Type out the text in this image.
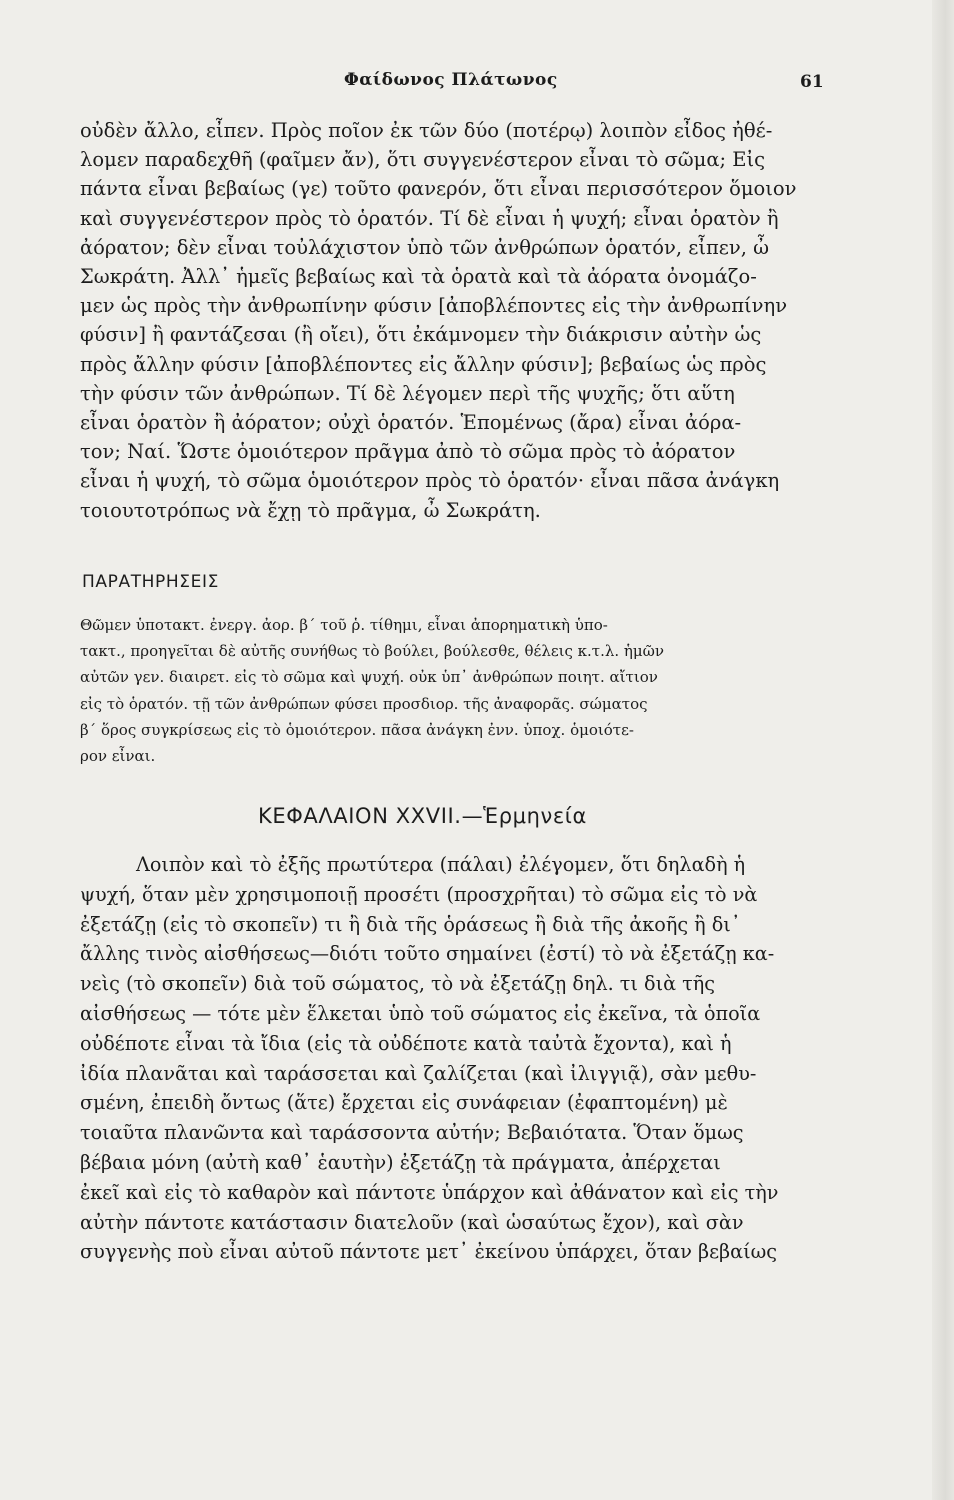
Φαίδωνος Πλάτωνος	61
οὐδὲν ἄλλο, εἶπεν. Πρὸς ποῖον ἐκ τῶν δύο (ποτέρῳ) λοιπὸν εἶδος ἠθέ-
λομεν παραδεχθῆ (φαῖμεν ἄν), ὅτι συγγενέστερον εἶναι τὸ σῶμα; Εἰς
πάντα εἶναι βεβαίως (γε) τοῦτο φανερόν, ὅτι εἶναι περισσότερον ὅμοιον
καὶ συγγενέστερον πρὸς τὸ ὁρατόν. Τί δὲ εἶναι ἡ ψυχή; εἶναι ὁρατὸν ἢ
ἀόρατον; δὲν εἶναι τοὐλάχιστον ὑπὸ τῶν ἀνθρώπων ὁρατόν, εἶπεν, ὦ
Σωκράτη. Ἀλλ᾽ ἡμεῖς βεβαίως καὶ τὰ ὁρατὰ καὶ τὰ ἀόρατα ὀνομάζο-
μεν ὡς πρὸς τὴν ἀνθρωπίνην φύσιν [ἀποβλέποντες εἰς τὴν ἀνθρωπίνην
φύσιν] ἢ φαντάζεσαι (ἢ οἴει), ὅτι ἐκάμνομεν τὴν διάκρισιν αὐτὴν ὡς
πρὸς ἄλλην φύσιν [ἀποβλέποντες εἰς ἄλλην φύσιν]; βεβαίως ὡς πρὸς
τὴν φύσιν τῶν ἀνθρώπων. Τί δὲ λέγομεν περὶ τῆς ψυχῆς; ὅτι αὕτη
εἶναι ὁρατὸν ἢ ἀόρατον; οὐχὶ ὁρατόν. Ἑπομένως (ἄρα) εἶναι ἀόρα-
τον; Ναί. Ὥστε ὁμοιότερον πρᾶγμα ἀπὸ τὸ σῶμα πρὸς τὸ ἀόρατον
εἶναι ἡ ψυχή, τὸ σῶμα ὁμοιότερον πρὸς τὸ ὁρατόν· εἶναι πᾶσα ἀνάγκη
τοιουτοτρόπως νὰ ἔχῃ τὸ πρᾶγμα, ὦ Σωκράτη.
ΠΑΡΑΤΗΡΗΣΕΙΣ
Θῶμεν ὑποτακτ. ἐνεργ. ἀορ. β΄ τοῦ ῥ. τίθημι, εἶναι ἀπορηματικὴ ὑπο-
τακτ., προηγεῖται δὲ αὐτῆς συνήθως τὸ βούλει, βούλεσθε, θέλεις κ.τ.λ. ἡμῶν
αὐτῶν γεν. διαιρετ. εἰς τὸ σῶμα καὶ ψυχή. οὐκ ὑπ᾽ ἀνθρώπων ποιητ. αἴτιον
εἰς τὸ ὁρατόν. τῇ τῶν ἀνθρώπων φύσει προσδιορ. τῆς ἀναφορᾶς. σώματος
β΄ ὅρος συγκρίσεως εἰς τὸ ὁμοιότερον. πᾶσα ἀνάγκη ἐνν. ὑποχ. ὁμοιότε-
ρον εἶναι.
ΚΕΦΑΛΑΙΟΝ XXVII.—Ἑρμηνεία
Λοιπὸν καὶ τὸ ἐξῆς πρωτύτερα (πάλαι) ἐλέγομεν, ὅτι δηλαδὴ ἡ
ψυχή, ὅταν μὲν χρησιμοποιῇ προσέτι (προσχρῆται) τὸ σῶμα εἰς τὸ νὰ
ἐξετάζῃ (εἰς τὸ σκοπεῖν) τι ἢ διὰ τῆς ὁράσεως ἢ διὰ τῆς ἀκοῆς ἢ δι᾽
ἄλλης τινὸς αἰσθήσεως—διότι τοῦτο σημαίνει (ἐστί) τὸ νὰ ἐξετάζῃ κα-
νεὶς (τὸ σκοπεῖν) διὰ τοῦ σώματος, τὸ νὰ ἐξετάζῃ δηλ. τι διὰ τῆς
αἰσθήσεως — τότε μὲν ἕλκεται ὑπὸ τοῦ σώματος εἰς ἐκεῖνα, τὰ ὁποῖα
οὐδέποτε εἶναι τὰ ἴδια (εἰς τὰ οὐδέποτε κατὰ ταὐτὰ ἔχοντα), καὶ ἡ
ἰδία πλανᾶται καὶ ταράσσεται καὶ ζαλίζεται (καὶ ἰλιγγιᾷ), σὰν μεθυ-
σμένη, ἐπειδὴ ὄντως (ἅτε) ἔρχεται εἰς συνάφειαν (ἐφαπτομένη) μὲ
τοιαῦτα πλανῶντα καὶ ταράσσοντα αὐτήν; Βεβαιότατα. Ὅταν ὅμως
βέβαια μόνη (αὐτὴ καθ᾽ ἑαυτὴν) ἐξετάζῃ τὰ πράγματα, ἀπέρχεται
ἐκεῖ καὶ εἰς τὸ καθαρὸν καὶ πάντοτε ὑπάρχον καὶ ἀθάνατον καὶ εἰς τὴν
αὐτὴν πάντοτε κατάστασιν διατελοῦν (καὶ ὡσαύτως ἔχον), καὶ σὰν
συγγενὴς ποὺ εἶναι αὐτοῦ πάντοτε μετ᾽ ἐκείνου ὑπάρχει, ὅταν βεβαίως
